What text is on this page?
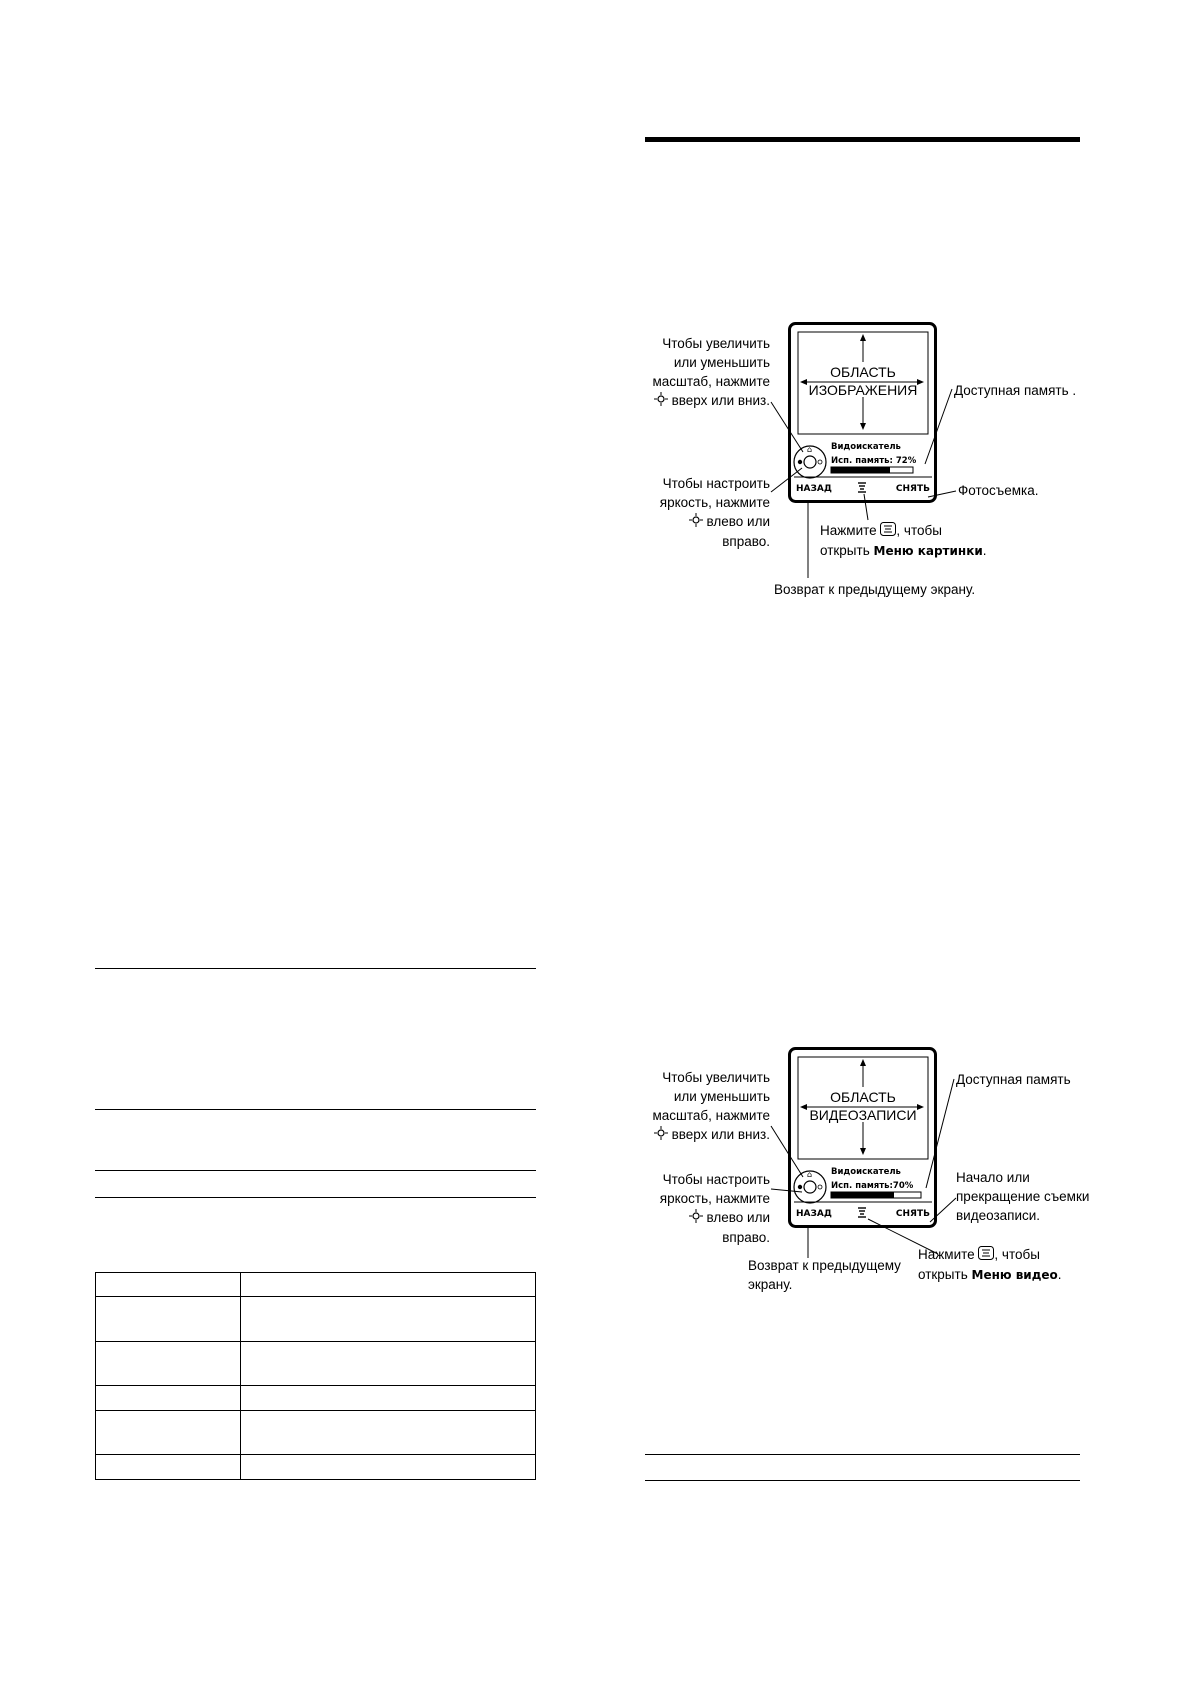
ОБЛАСТЬ
ИЗОБРАЖЕНИЯ
⌂ Видоискатель
Исп. память: 72%
НАЗАД	СНЯТЬ
Чтобы увеличить
или уменьшить
масштаб, нажмите
вверх или вниз.
Чтобы настроить
яркость, нажмите
влево или
вправо.
Доступная память .
Фотосъемка.
Нажмите , чтобы
открыть Меню картинки.
Возврат к предыдущему экрану.
ОБЛАСТЬ
ВИДЕОЗАПИСИ
⌂ Видоискатель
Исп. память:70%
НАЗАД	СНЯТЬ
Чтобы увеличить
или уменьшить
масштаб, нажмите
вверх или вниз.
Чтобы настроить
яркость, нажмите
влево или
вправо.
Доступная память
Начало или
прекращение съемки
видеозаписи.
Возврат к предыдущему
экрану.
Нажмите , чтобы
открыть Меню видео.
